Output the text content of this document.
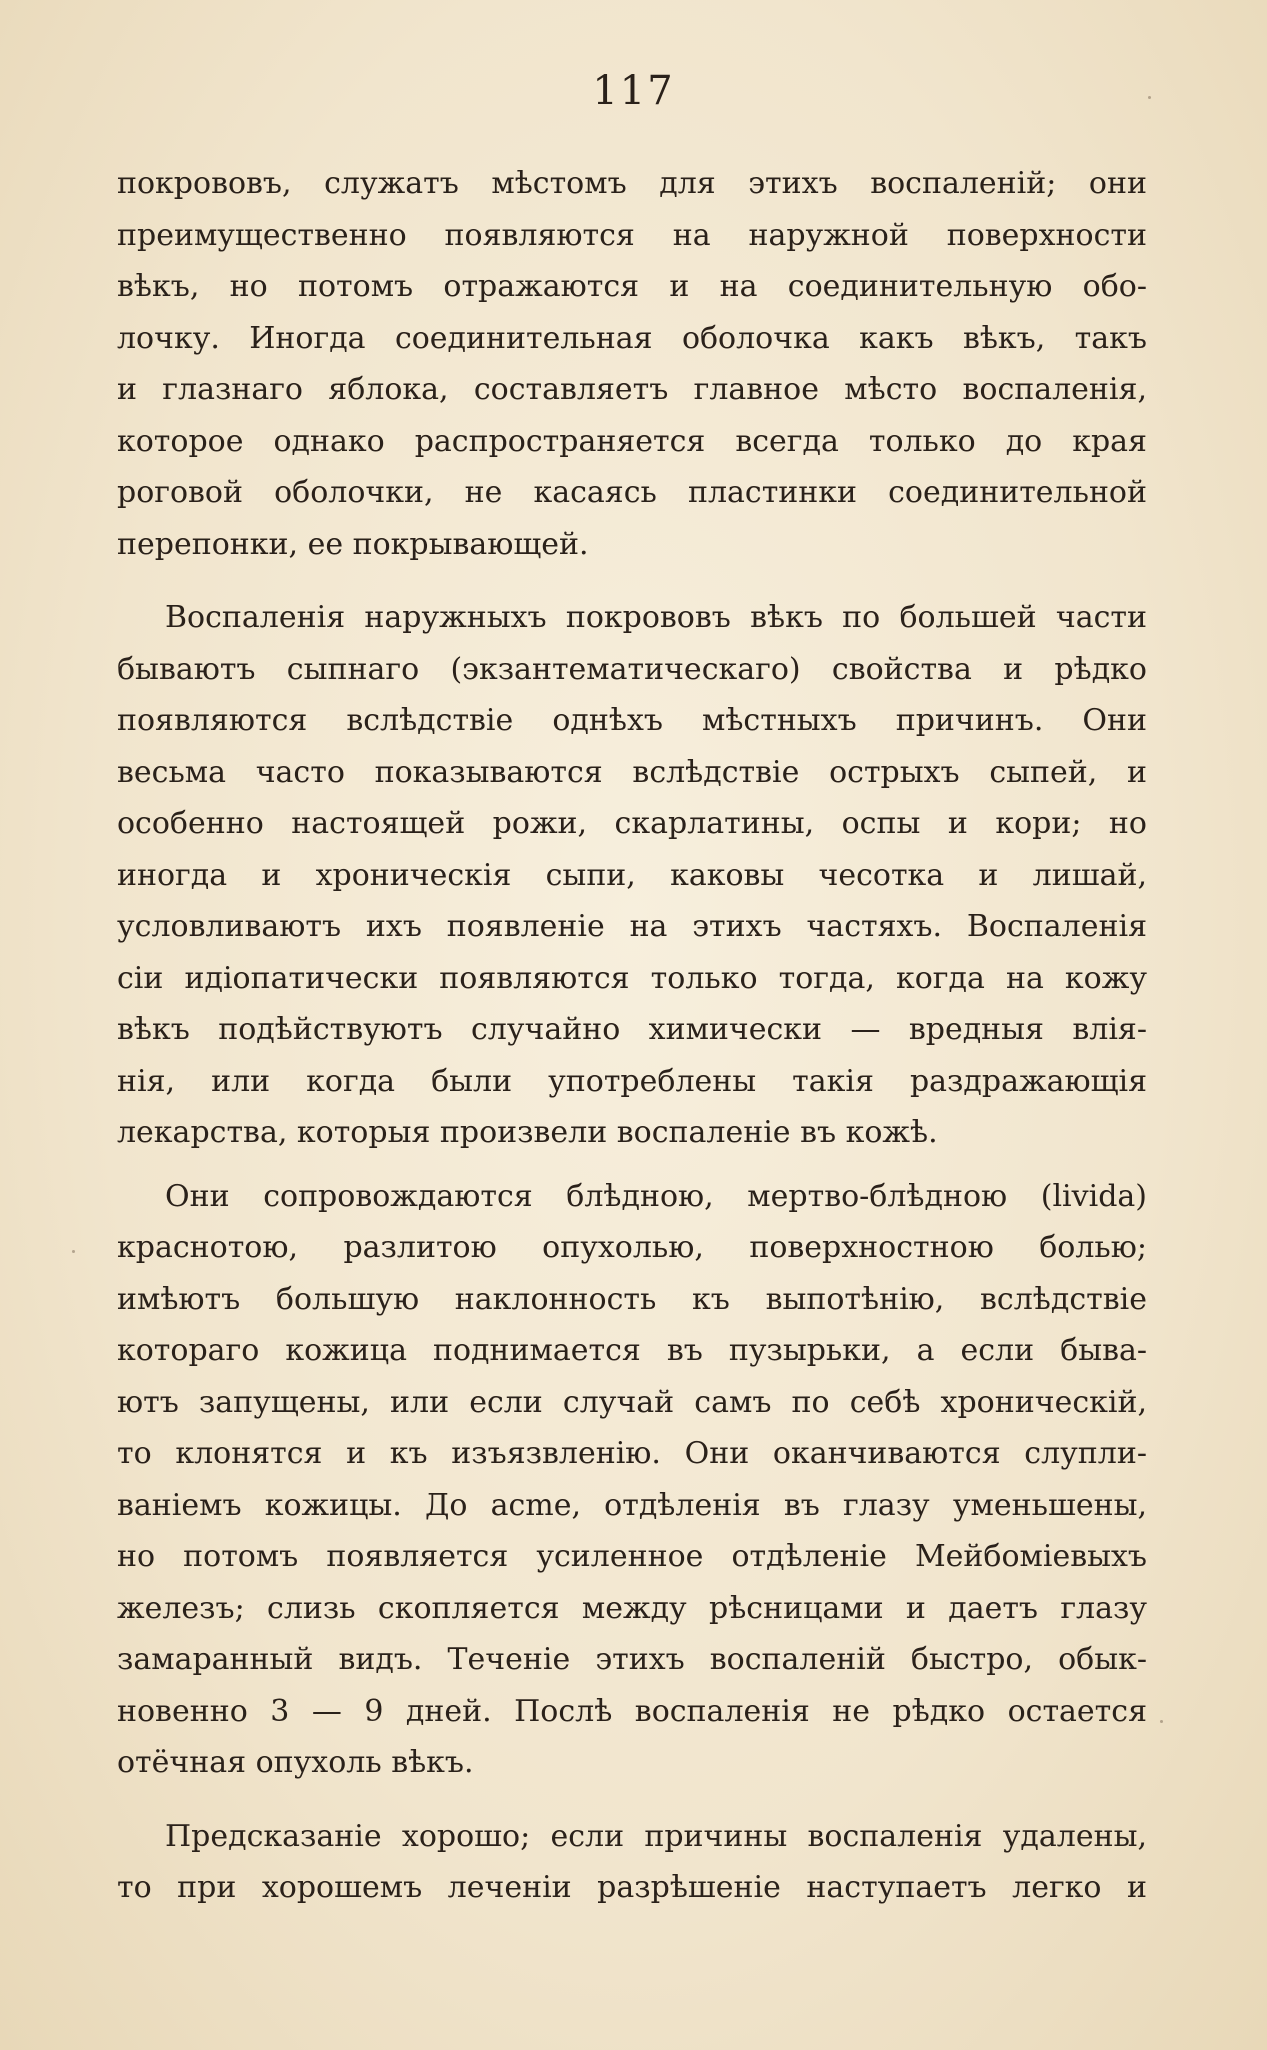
117
покрововъ, служатъ мѣстомъ для этихъ воспаленій; они
преимущественно появляются на наружной поверхности
вѣкъ, но потомъ отражаются и на соединительную обо-
лочку. Иногда соединительная оболочка какъ вѣкъ, такъ
и глазнаго яблока, составляетъ главное мѣсто воспаленія,
которое однако распространяется всегда только до края
роговой оболочки, не касаясь пластинки соединительной
перепонки, ее покрывающей.
Воспаленія наружныхъ покрововъ вѣкъ по большей части
бываютъ сыпнаго (экзантематическаго) свойства и рѣдко
появляются вслѣдствіе однѣхъ мѣстныхъ причинъ. Они
весьма часто показываются вслѣдствіе острыхъ сыпей, и
особенно настоящей рожи, скарлатины, оспы и кори; но
иногда и хроническія сыпи, каковы чесотка и лишай,
условливаютъ ихъ появленіе на этихъ частяхъ. Воспаленія
сіи идіопатически появляются только тогда, когда на кожу
вѣкъ подѣйствуютъ случайно химически — вредныя влія-
нія, или когда были употреблены такія раздражающія
лекарства, которыя произвели воспаленіе въ кожѣ.
Они сопровождаются блѣдною, мертво-блѣдною (livida)
краснотою, разлитою опухолью, поверхностною болью;
имѣютъ большую наклонность къ выпотѣнію, вслѣдствіе
котораго кожица поднимается въ пузырьки, а если быва-
ютъ запущены, или если случай самъ по себѣ хроническій,
то клонятся и къ изъязвленію. Они оканчиваются слупли-
ваніемъ кожицы. До acme, отдѣленія въ глазу уменьшены,
но потомъ появляется усиленное отдѣленіе Мейбоміевыхъ
железъ; слизь скопляется между рѣсницами и даетъ глазу
замаранный видъ. Теченіе этихъ воспаленій быстро, обык-
новенно 3 — 9 дней. Послѣ воспаленія не рѣдко остается
отёчная опухоль вѣкъ.
Предсказаніе хорошо; если причины воспаленія удалены,
то при хорошемъ леченіи разрѣшеніе наступаетъ легко и
